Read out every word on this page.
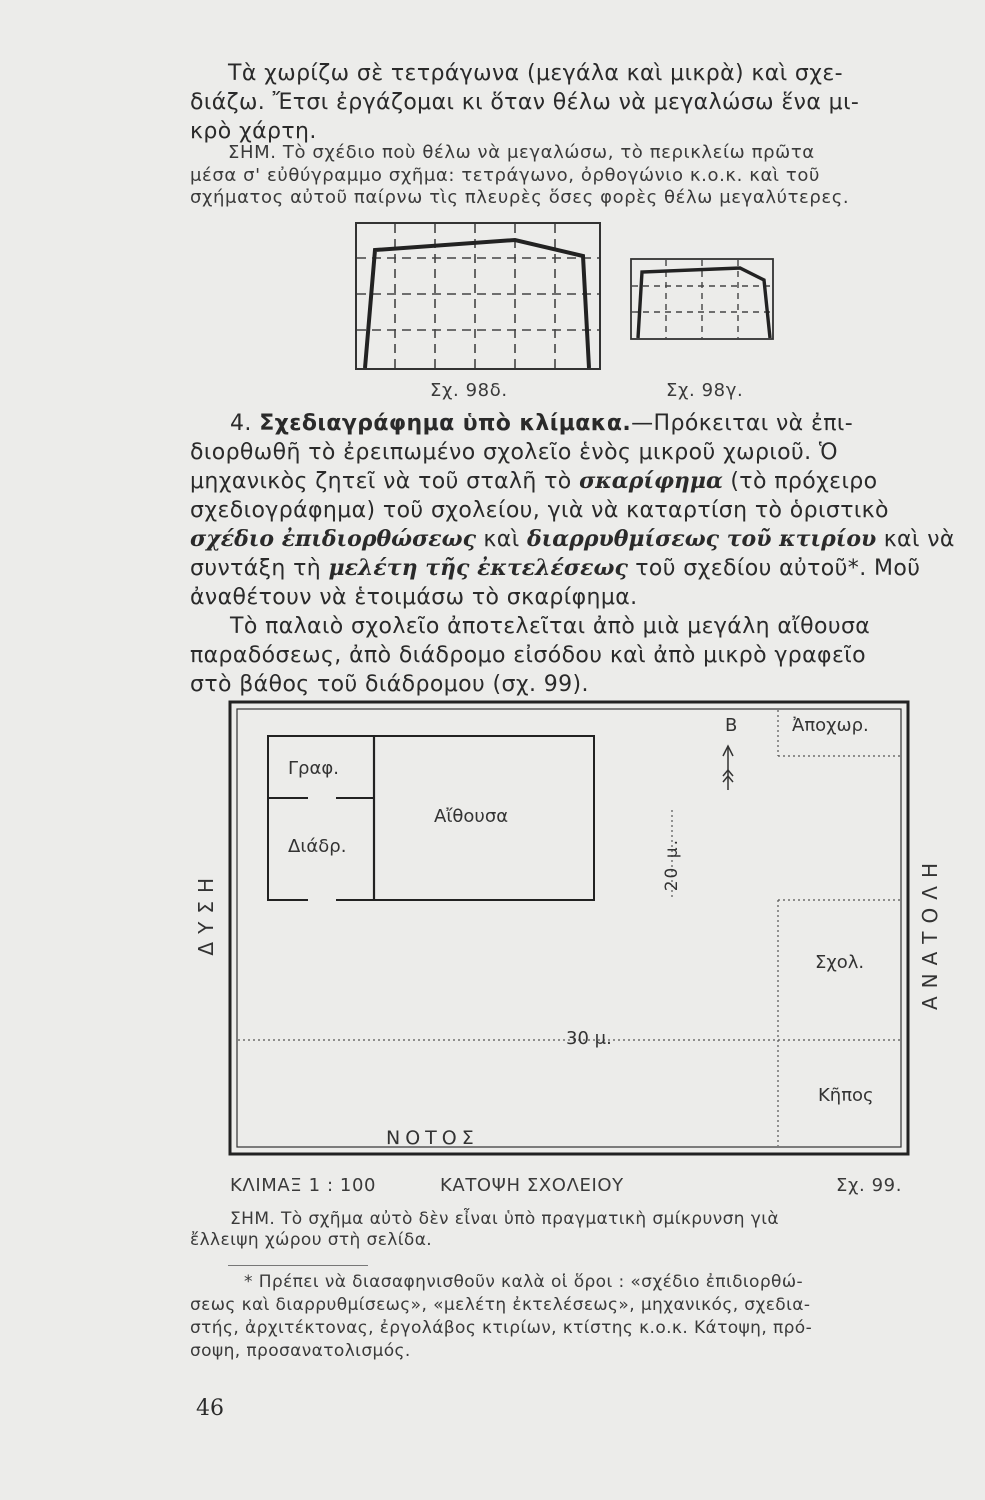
Τὰ χωρίζω σὲ τετράγωνα (μεγάλα καὶ μικρὰ) καὶ σχε-
διάζω. Ἔτσι ἐργάζομαι κι ὅταν θέλω νὰ μεγαλώσω ἕνα μι-
κρὸ χάρτη.
ΣΗΜ. Τὸ σχέδιο ποὺ θέλω νὰ μεγαλώσω, τὸ περικλείω πρῶτα
μέσα σ' εὐθύγραμμο σχῆμα: τετράγωνο, ὀρθογώνιο κ.ο.κ. καὶ τοῦ
σχήματος αὐτοῦ παίρνω τὶς πλευρὲς ὅσες φορὲς θέλω μεγαλύτερες.
Σχ. 98δ.	Σχ. 98γ.
4. Σχεδιαγράφημα ὑπὸ κλίμακα.—Πρόκειται νὰ ἐπι-
διορθωθῆ τὸ ἐρειπωμένο σχολεῖο ἑνὸς μικροῦ χωριοῦ. Ὁ
μηχανικὸς ζητεῖ νὰ τοῦ σταλῆ τὸ σκαρίφημα (τὸ πρόχειρο
σχεδιογράφημα) τοῦ σχολείου, γιὰ νὰ καταρτίση τὸ ὁριστικὸ
σχέδιο ἐπιδιορθώσεως καὶ διαρρυθμίσεως τοῦ κτιρίου καὶ νὰ
συντάξη τὴ μελέτη τῆς ἐκτελέσεως τοῦ σχεδίου αὐτοῦ*. Μοῦ
ἀναθέτουν νὰ ἑτοιμάσω τὸ σκαρίφημα.
Τὸ παλαιὸ σχολεῖο ἀποτελεῖται ἀπὸ μιὰ μεγάλη αἴθουσα
παραδόσεως, ἀπὸ διάδρομο εἰσόδου καὶ ἀπὸ μικρὸ γραφεῖο
στὸ βάθος τοῦ διάδρομου (σχ. 99).
Β	Ἀποχωρ.
Γραφ.
Αἴθουσα
Διάδρ.	20 μ.
ΔΥΣΗ	ΑΝΑΤΟΛΗ
Σχολ.
30 μ.
Κῆπος
ΝΟΤΟΣ
ΚΛΙΜΑΞ 1 : 100	ΚΑΤΟΨΗ ΣΧΟΛΕΙΟΥ	Σχ. 99.
ΣΗΜ. Τὸ σχῆμα αὐτὸ δὲν εἶναι ὑπὸ πραγματικὴ σμίκρυνση γιὰ
ἔλλειψη χώρου στὴ σελίδα.
* Πρέπει νὰ διασαφηνισθοῦν καλὰ οἱ ὅροι : «σχέδιο ἐπιδιορθώ-
σεως καὶ διαρρυθμίσεως», «μελέτη ἐκτελέσεως», μηχανικός, σχεδια-
στής, ἀρχιτέκτονας, ἐργολάβος κτιρίων, κτίστης κ.ο.κ. Κάτοψη, πρό-
σοψη, προσανατολισμός.
46
